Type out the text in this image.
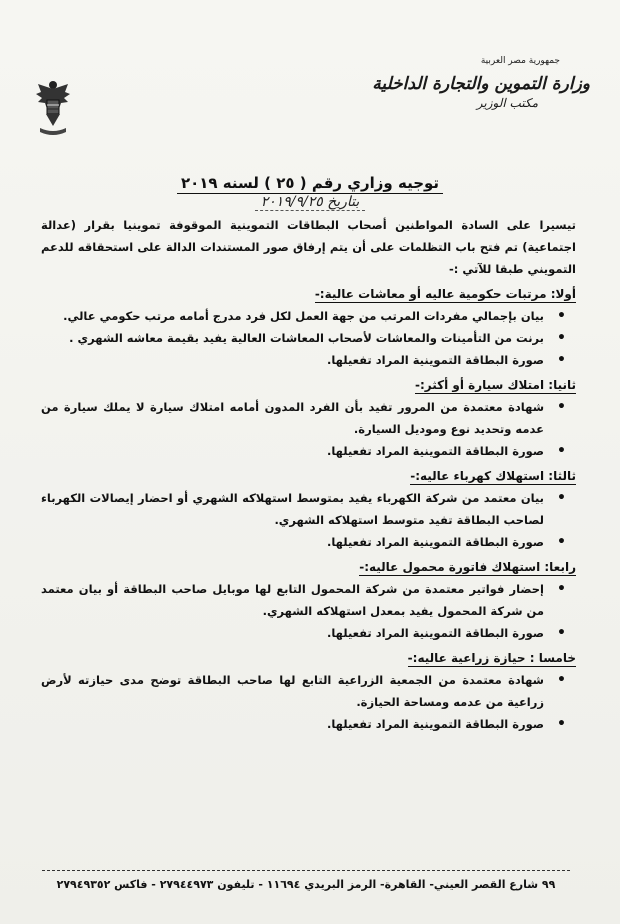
جمهورية مصر العربية
وزارة التموين والتجارة الداخلية
مكتب الوزير
توجيه وزاري رقم ( ٢٥ ) لسنه ٢٠١٩
بتاريخ ٢٠١٩/٩/٢٥
تيسيرا على السادة المواطنين أصحاب البطاقات التموينية الموقوفة تموينيا بقرار (عدالة اجتماعية) تم فتح باب التظلمات على أن يتم إرفاق صور المستندات الدالة على استحقاقه للدعم التمويني طبقا للآتي :-
أولا: مرتبات حكومية عاليه أو معاشات عالية:-
• بيان بإجمالي مفردات المرتب من جهة العمل لكل فرد مدرج أمامه مرتب حكومي عالي.
• برنت من التأمينات والمعاشات لأصحاب المعاشات العالية يفيد بقيمة معاشه الشهري .
• صورة البطاقة التموينية المراد تفعيلها.
ثانيا: امتلاك سيارة أو أكثر:-
• شهادة معتمدة من المرور تفيد بأن الفرد المدون أمامه امتلاك سيارة لا يملك سيارة من عدمه وتحديد نوع وموديل السيارة.
• صورة البطاقة التموينية المراد تفعيلها.
ثالثا: استهلاك كهرباء عاليه:-
• بيان معتمد من شركة الكهرباء يفيد بمتوسط استهلاكه الشهري أو احضار إيصالات الكهرباء لصاحب البطاقة تفيد متوسط استهلاكه الشهري.
• صورة البطاقة التموينية المراد تفعيلها.
رابعا: استهلاك فاتورة محمول عاليه:-
• إحضار فواتير معتمدة من شركة المحمول التابع لها موبايل صاحب البطاقة أو بيان معتمد من شركة المحمول يفيد بمعدل استهلاكه الشهري.
• صورة البطاقة التموينية المراد تفعيلها.
خامسا : حيازة زراعية عاليه:-
• شهادة معتمدة من الجمعية الزراعية التابع لها صاحب البطاقة توضح مدى حيازته لأرض زراعية من عدمه ومساحة الحيازة.
• صورة البطاقة التموينية المراد تفعيلها.
٩٩ شارع القصر العيني- القاهرة- الرمز البريدي ١١٦٩٤ - تليفون ٢٧٩٤٤٩٧٣ - فاكس ٢٧٩٤٩٣٥٢
